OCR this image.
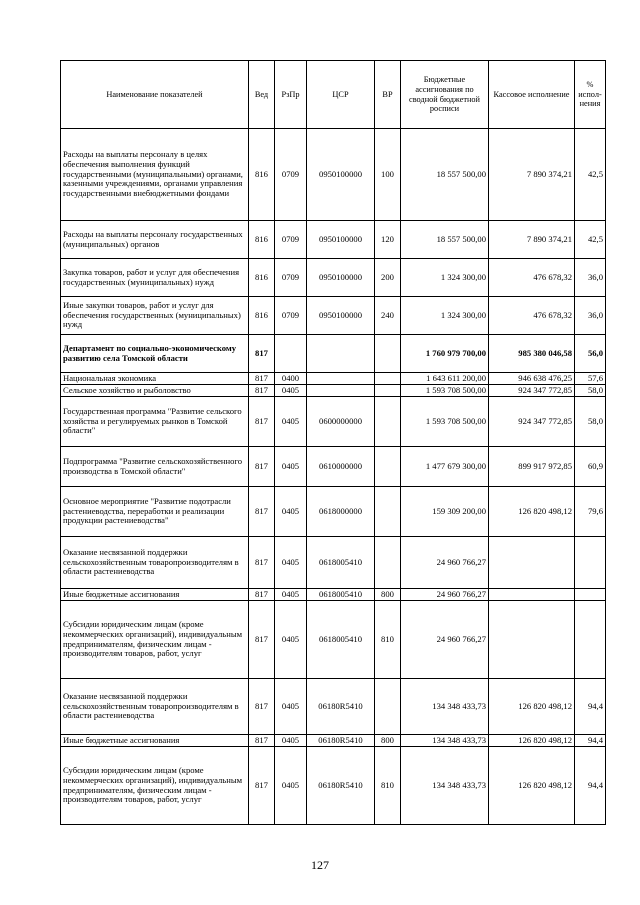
Наименование показателей	Вед	РзПр	ЦСР	ВР	Бюджетные ассигнования по сводной бюджетной росписи	Кассовое исполнение	% испол-нения
Расходы на выплаты персоналу в целях обеспечения выполнения функций государственными (муниципальными) органами, казенными учреждениями, органами управления государственными внебюджетными фондами	816	0709	0950100000	100	18 557 500,00	7 890 374,21	42,5
Расходы на выплаты персоналу государственных (муниципальных) органов	816	0709	0950100000	120	18 557 500,00	7 890 374,21	42,5
Закупка товаров, работ и услуг для обеспечения государственных (муниципальных) нужд	816	0709	0950100000	200	1 324 300,00	476 678,32	36,0
Иные закупки товаров, работ и услуг для обеспечения государственных (муниципальных) нужд	816	0709	0950100000	240	1 324 300,00	476 678,32	36,0
Департамент по социально-экономическому развитию села Томской области	817				1 760 979 700,00	985 380 046,58	56,0
Национальная экономика	817	0400			1 643 611 200,00	946 638 476,25	57,6
Сельское хозяйство и рыболовство	817	0405			1 593 708 500,00	924 347 772,85	58,0
Государственная программа "Развитие сельского хозяйства и регулируемых рынков в Томской области"	817	0405	0600000000		1 593 708 500,00	924 347 772,85	58,0
Подпрограмма "Развитие сельскохозяйственного производства в Томской области"	817	0405	0610000000		1 477 679 300,00	899 917 972,85	60,9
Основное мероприятие "Развитие подотрасли растениеводства, переработки и реализации продукции растениеводства"	817	0405	0618000000		159 309 200,00	126 820 498,12	79,6
Оказание несвязанной поддержки сельскохозяйственным товаропроизводителям в области растениеводства	817	0405	0618005410		24 960 766,27		
Иные бюджетные ассигнования	817	0405	0618005410	800	24 960 766,27		
Субсидии юридическим лицам (кроме некоммерческих организаций), индивидуальным предпринимателям, физическим лицам - производителям товаров, работ, услуг	817	0405	0618005410	810	24 960 766,27		
Оказание несвязанной поддержки сельскохозяйственным товаропроизводителям в области растениеводства	817	0405	06180R5410		134 348 433,73	126 820 498,12	94,4
Иные бюджетные ассигнования	817	0405	06180R5410	800	134 348 433,73	126 820 498,12	94,4
Субсидии юридическим лицам (кроме некоммерческих организаций), индивидуальным предпринимателям, физическим лицам - производителям товаров, работ, услуг	817	0405	06180R5410	810	134 348 433,73	126 820 498,12	94,4
127
